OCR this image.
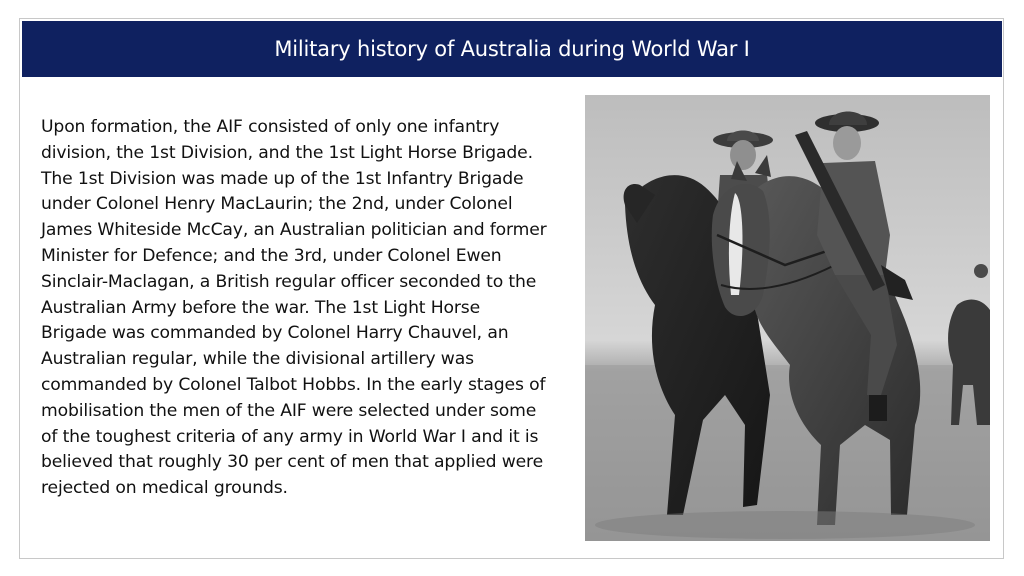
Military history of Australia during World War I

Upon formation, the AIF consisted of only one infantry division, the 1st Division, and the 1st Light Horse Brigade. The 1st Division was made up of the 1st Infantry Brigade under Colonel Henry MacLaurin; the 2nd, under Colonel James Whiteside McCay, an Australian politician and former Minister for Defence; and the 3rd, under Colonel Ewen Sinclair-Maclagan, a British regular officer seconded to the Australian Army before the war. The 1st Light Horse Brigade was commanded by Colonel Harry Chauvel, an Australian regular, while the divisional artillery was commanded by Colonel Talbot Hobbs. In the early stages of mobilisation the men of the AIF were selected under some of the toughest criteria of any army in World War I and it is believed that roughly 30 per cent of men that applied were rejected on medical grounds.
